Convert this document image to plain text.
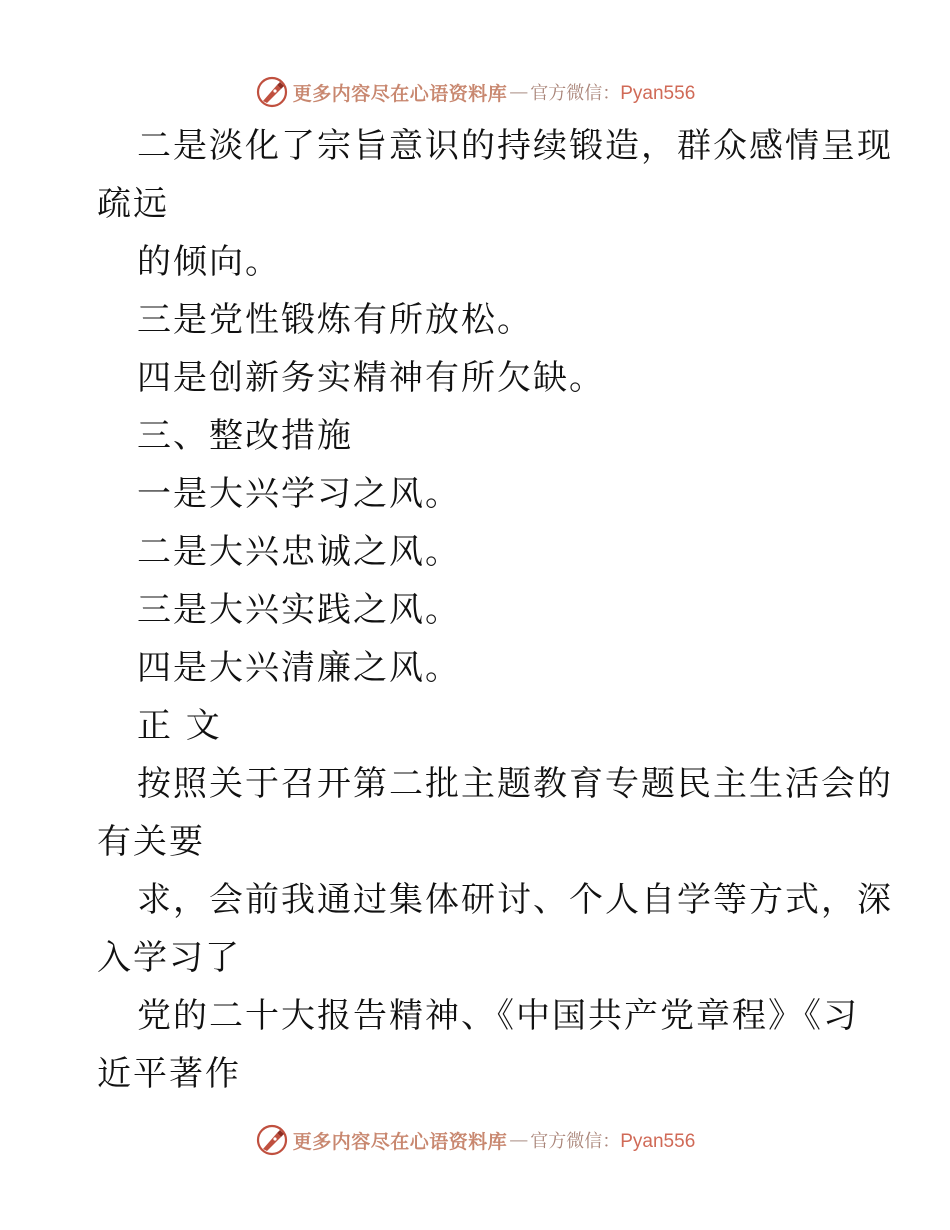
更多内容尽在心语资料库 — 官方微信：Pyan556
二是淡化了宗旨意识的持续锻造，群众感情呈现
疏远
的倾向。
三是党性锻炼有所放松。
四是创新务实精神有所欠缺。
三、整改措施
一是大兴学习之风。
二是大兴忠诚之风。
三是大兴实践之风。
四是大兴清廉之风。
正 文
按照关于召开第二批主题教育专题民主生活会的
有关要
求，会前我通过集体研讨、个人自学等方式，深
入学习了
党的二十大报告精神、《中国共产党章程》《习
近平著作
更多内容尽在心语资料库 — 官方微信：Pyan556
